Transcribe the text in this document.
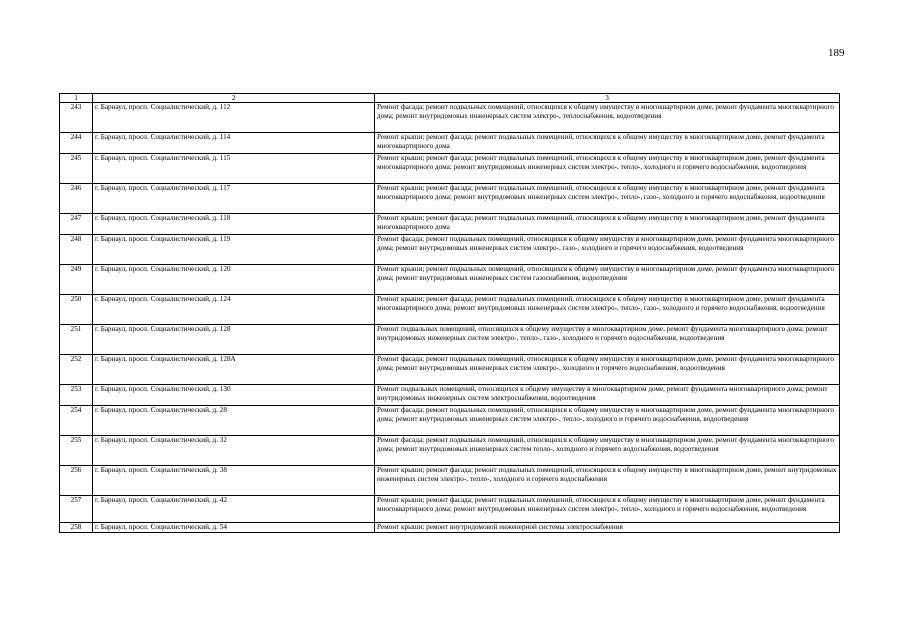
189
1	2	3
243	г. Барнаул, просп. Социалистический, д. 112	Ремонт фасада; ремонт подвальных помещений, относящихся к общему имуществу в многоквартирном доме, ремонт фундамента многоквартирного дома; ремонт внутридомовых инженерных систем электро-, теплоснабжения, водоотведения
244	г. Барнаул, просп. Социалистический, д. 114	Ремонт крыши; ремонт фасада; ремонт подвальных помещений, относящихся к общему имуществу в многоквартирном доме, ремонт фундамента многоквартирного дома
245	г. Барнаул, просп. Социалистический, д. 115	Ремонт крыши; ремонт фасада; ремонт подвальных помещений, относящихся к общему имуществу в многоквартирном доме, ремонт фундамента многоквартирного дома; ремонт внутридомовых инженерных систем электро-, тепло-, холодного и горячего водоснабжения, водоотведения
246	г. Барнаул, просп. Социалистический, д. 117	Ремонт крыши; ремонт фасада; ремонт подвальных помещений, относящихся к общему имуществу в многоквартирном доме, ремонт фундамента многоквартирного дома; ремонт внутридомовых инженерных систем электро-, тепло-, газо-, холодного и горячего водоснабжения, водоотведения
247	г. Барнаул, просп. Социалистический, д. 118	Ремонт крыши; ремонт фасада; ремонт подвальных помещений, относящихся к общему имуществу в многоквартирном доме, ремонт фундамента многоквартирного дома
248	г. Барнаул, просп. Социалистический, д. 119	Ремонт фасада; ремонт подвальных помещений, относящихся к общему имуществу в многоквартирном доме, ремонт фундамента многоквартирного дома; ремонт внутридомовых инженерных систем электро-, газо-, холодного и горячего водоснабжения, водоотведения
249	г. Барнаул, просп. Социалистический, д. 120	Ремонт крыши; ремонт подвальных помещений, относящихся к общему имуществу в многоквартирном доме, ремонт фундамента многоквартирного дома; ремонт внутридомовых инженерных систем газоснабжения, водоотведения
250	г. Барнаул, просп. Социалистический, д. 124	Ремонт крыши; ремонт фасада; ремонт подвальных помещений, относящихся к общему имуществу в многоквартирном доме, ремонт фундамента многоквартирного дома; ремонт внутридомовых инженерных систем электро-, тепло-, газо-, холодного и горячего водоснабжения, водоотведения
251	г. Барнаул, просп. Социалистический, д. 128	Ремонт подвальных помещений, относящихся к общему имуществу в многоквартирном доме, ремонт фундамента многоквартирного дома; ремонт внутридомовых инженерных систем электро-, тепло-, газо-, холодного и горячего водоснабжения, водоотведения
252	г. Барнаул, просп. Социалистический, д. 128А	Ремонт фасада; ремонт подвальных помещений, относящихся к общему имуществу в многоквартирном доме, ремонт фундамента многоквартирного дома; ремонт внутридомовых инженерных систем электро-, холодного и горячего водоснабжения, водоотведения
253	г. Барнаул, просп. Социалистический, д. 130	Ремонт подвальных помещений, относящихся к общему имуществу в многоквартирном доме, ремонт фундамента многоквартирного дома; ремонт внутридомовых инженерных систем электроснабжения, водоотведения
254	г. Барнаул, просп. Социалистический, д. 28	Ремонт фасада; ремонт подвальных помещений, относящихся к общему имуществу в многоквартирном доме, ремонт фундамента многоквартирного дома; ремонт внутридомовых инженерных систем электро-, тепло-, холодного и горячего водоснабжения, водоотведения
255	г. Барнаул, просп. Социалистический, д. 32	Ремонт фасада; ремонт подвальных помещений, относящихся к общему имуществу в многоквартирном доме, ремонт фундамента многоквартирного дома; ремонт внутридомовых инженерных систем тепло-, холодного и горячего водоснабжения, водоотведения
256	г. Барнаул, просп. Социалистический, д. 38	Ремонт крыши; ремонт фасада; ремонт подвальных помещений, относящихся к общему имуществу в многоквартирном доме, ремонт внутридомовых инженерных систем электро-, тепло-, холодного и горячего водоснабжения
257	г. Барнаул, просп. Социалистический, д. 42	Ремонт крыши; ремонт фасада; ремонт подвальных помещений, относящихся к общему имуществу в многоквартирном доме, ремонт фундамента многоквартирного дома; ремонт внутридомовых инженерных систем электро-, тепло-, холодного и горячего водоснабжения, водоотведения
258	г. Барнаул, просп. Социалистический, д. 54	Ремонт крыши; ремонт внутридомовой инженерной системы электроснабжения
